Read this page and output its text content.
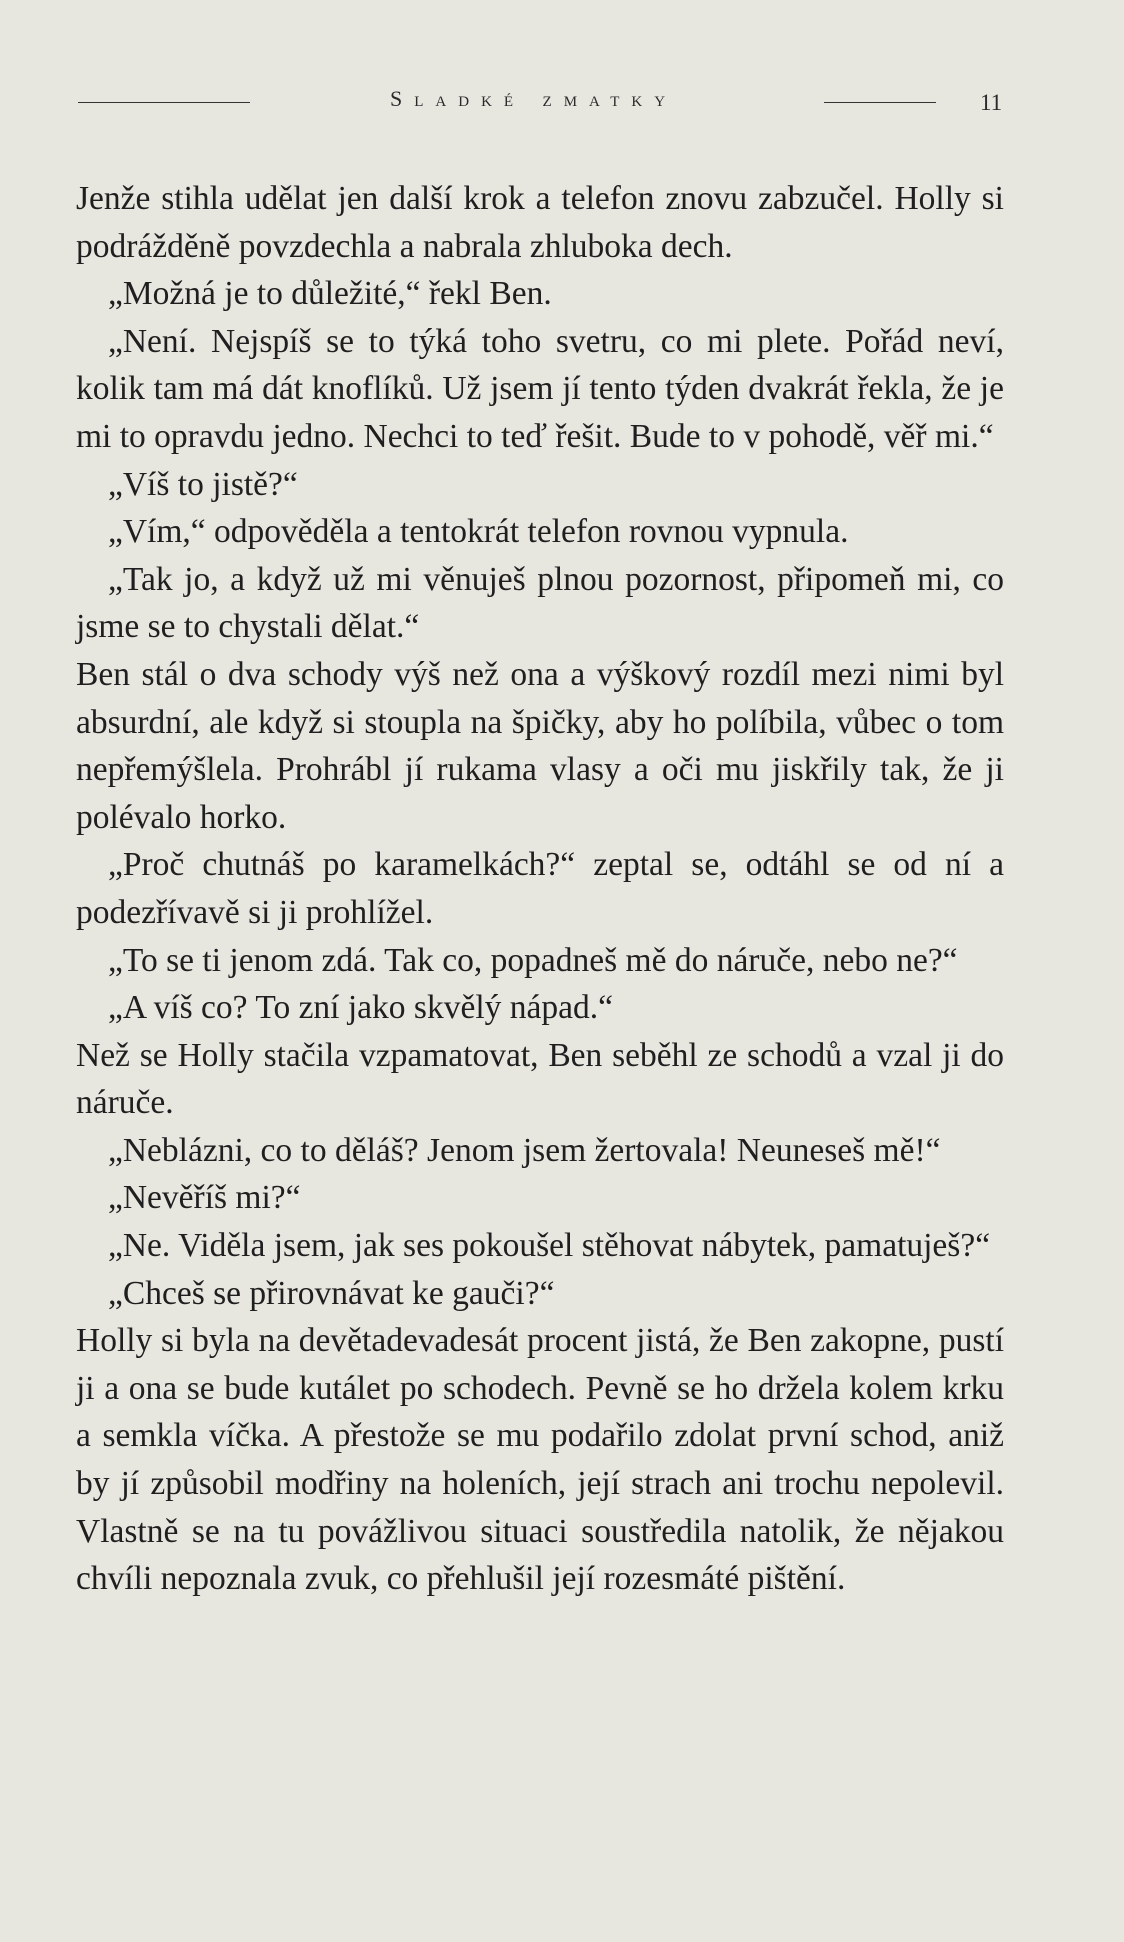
Sladké zmatky	11

Jenže stihla udělat jen další krok a telefon znovu zabzučel. Holly si podrážděně povzdechla a nabrala zhluboka dech.

„Možná je to důležité,“ řekl Ben.

„Není. Nejspíš se to týká toho svetru, co mi plete. Pořád neví, kolik tam má dát knoflíků. Už jsem jí tento týden dvakrát řekla, že je mi to opravdu jedno. Nechci to teď řešit. Bude to v pohodě, věř mi.“

„Víš to jistě?“

„Vím,“ odpověděla a tentokrát telefon rovnou vypnula.

„Tak jo, a když už mi věnuješ plnou pozornost, připomeň mi, co jsme se to chystali dělat.“

Ben stál o dva schody výš než ona a výškový rozdíl mezi nimi byl absurdní, ale když si stoupla na špičky, aby ho políbila, vůbec o tom nepřemýšlela. Prohrábl jí rukama vlasy a oči mu jiskřily tak, že ji polévalo horko.

„Proč chutnáš po karamelkách?“ zeptal se, odtáhl se od ní a podezřívavě si ji prohlížel.

„To se ti jenom zdá. Tak co, popadneš mě do náruče, nebo ne?“

„A víš co? To zní jako skvělý nápad.“

Než se Holly stačila vzpamatovat, Ben seběhl ze schodů a vzal ji do náruče.

„Neblázni, co to děláš? Jenom jsem žertovala! Neuneseš mě!“

„Nevěříš mi?“

„Ne. Viděla jsem, jak ses pokoušel stěhovat nábytek, pamatuješ?“

„Chceš se přirovnávat ke gauči?“

Holly si byla na devětadevadesát procent jistá, že Ben zakopne, pustí ji a ona se bude kutálet po schodech. Pevně se ho držela kolem krku a semkla víčka. A přestože se mu podařilo zdolat první schod, aniž by jí způsobil modřiny na holeních, její strach ani trochu nepolevil. Vlastně se na tu povážlivou situaci soustředila natolik, že nějakou chvíli nepoznala zvuk, co přehlušil její rozesmáté pištění.
